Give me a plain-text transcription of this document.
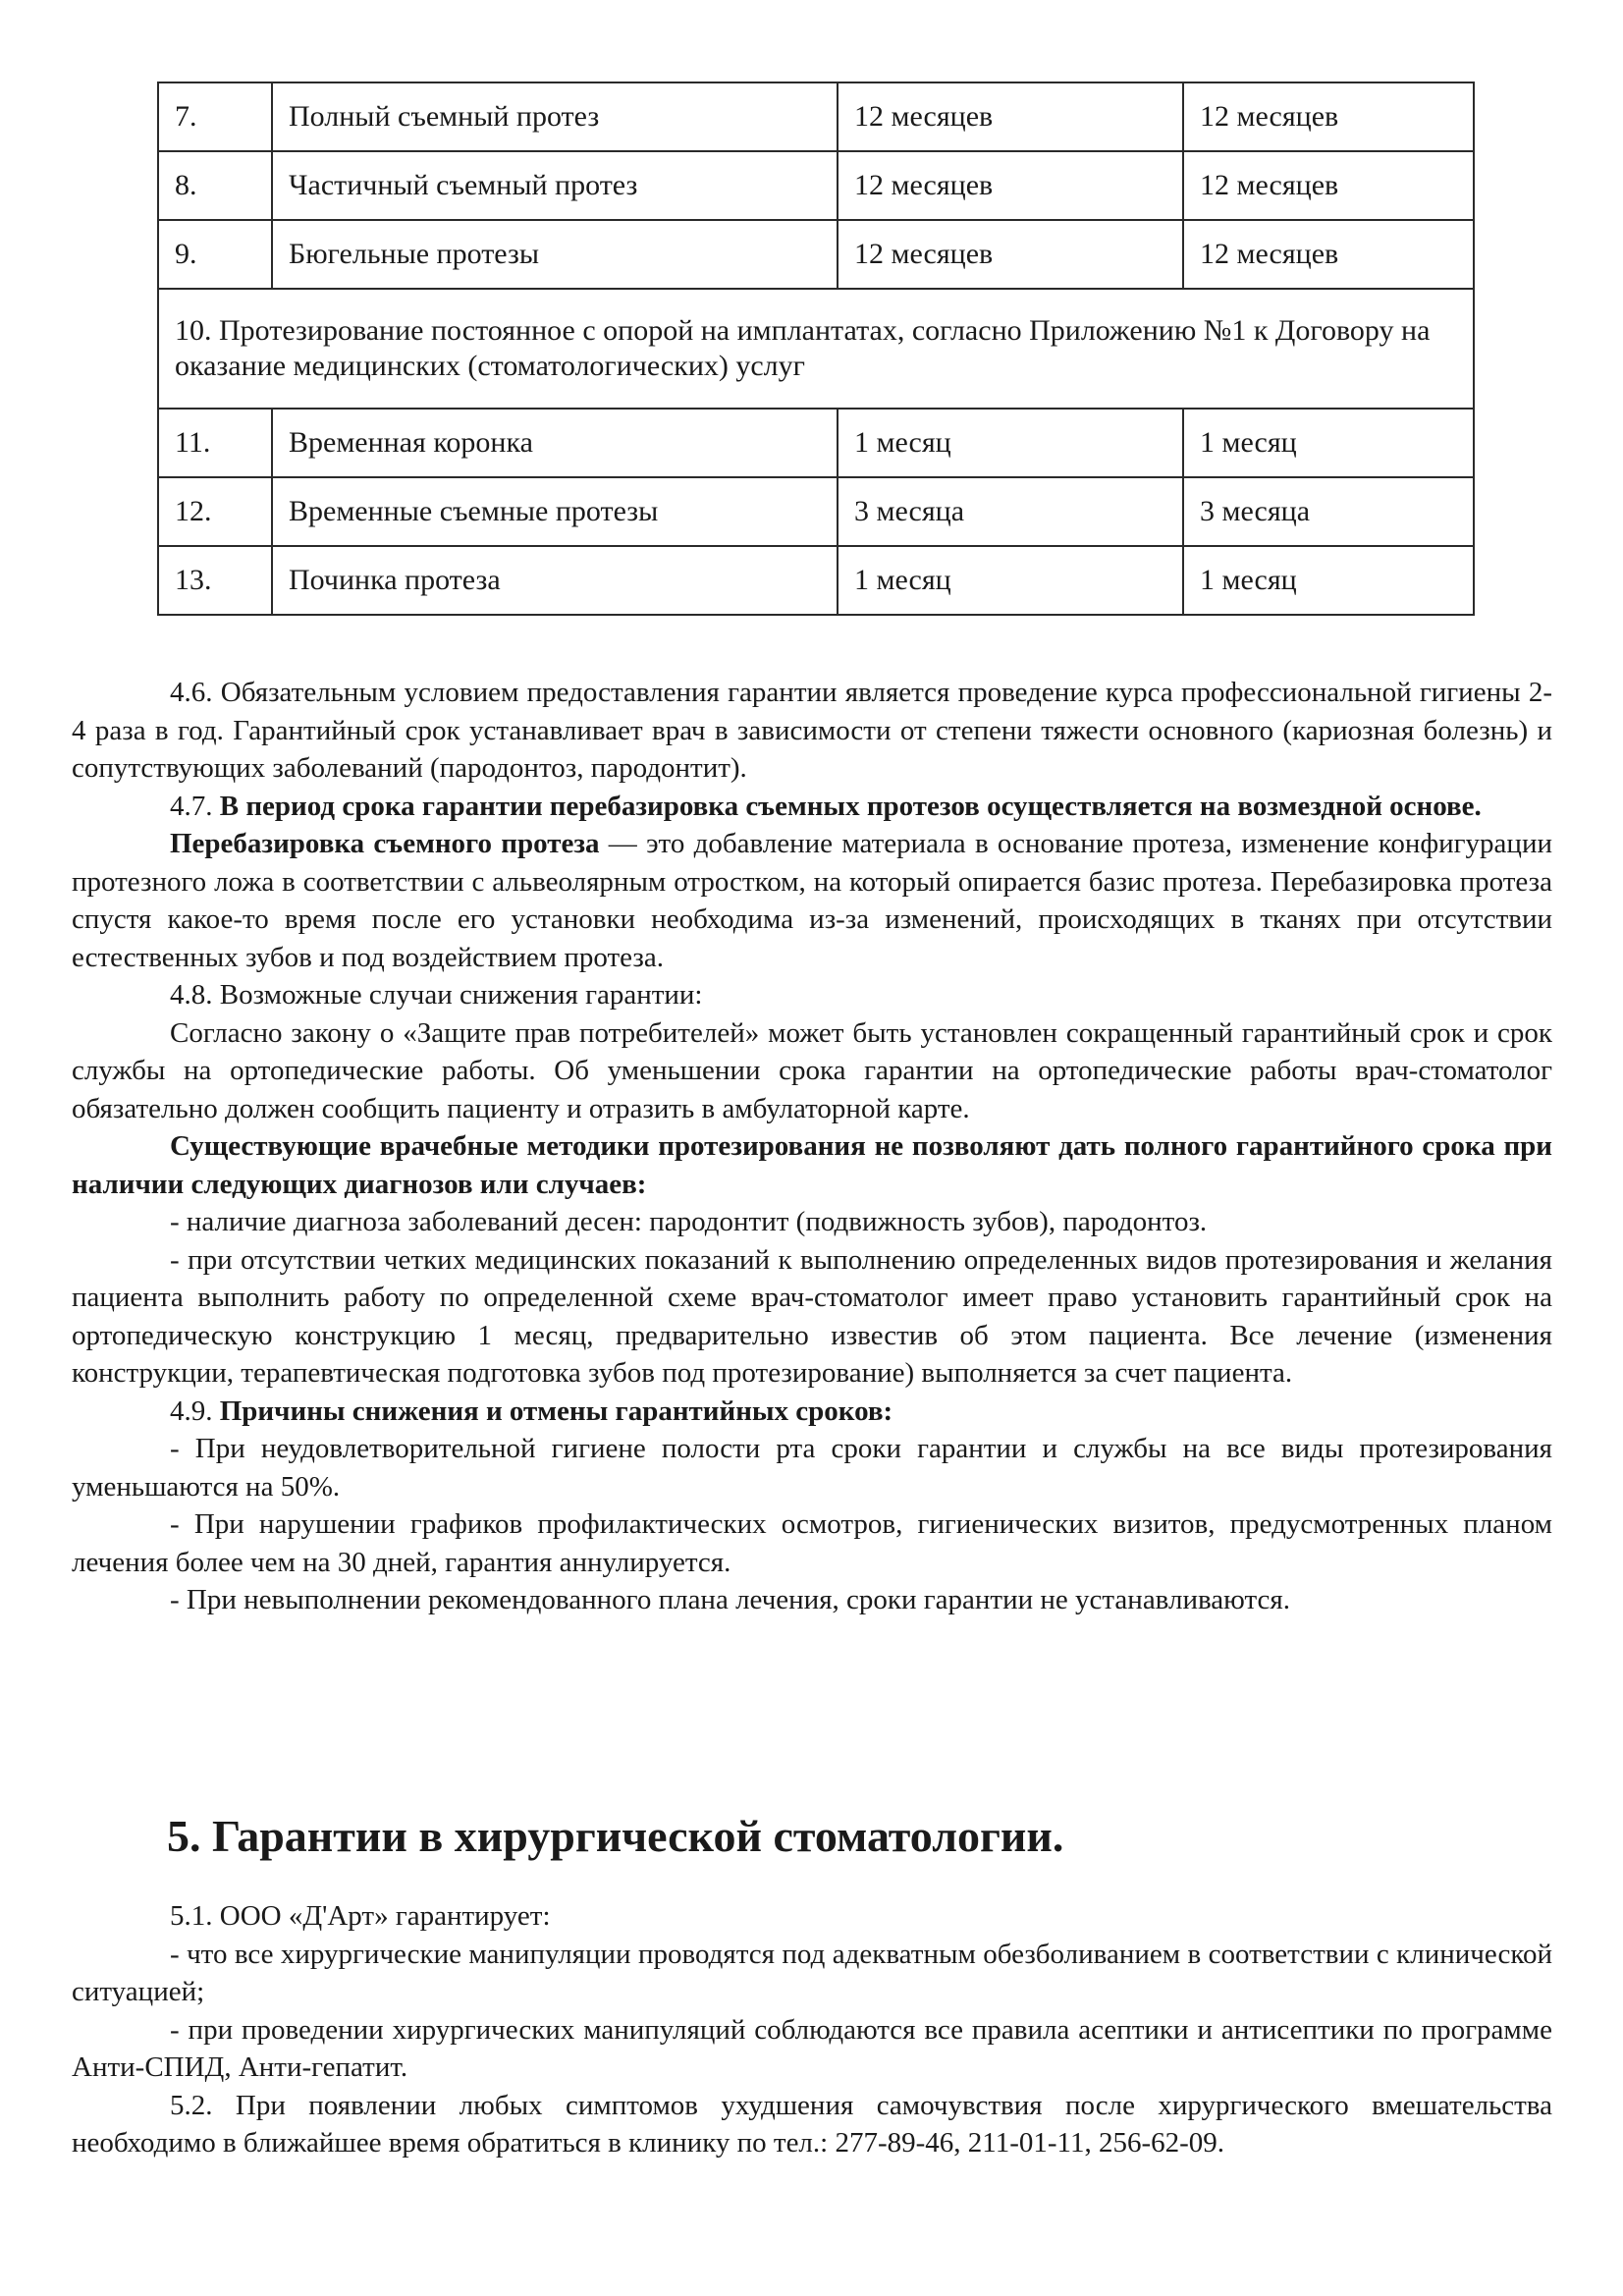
7.	Полный съемный протез	12 месяцев	12 месяцев
8.	Частичный съемный протез	12 месяцев	12 месяцев
9.	Бюгельные протезы	12 месяцев	12 месяцев
10. Протезирование постоянное с опорой на имплантатах, согласно Приложению №1 к Договору на оказание медицинских (стоматологических) услуг			
11.	Временная коронка	1 месяц	1 месяц
12.	Временные съемные протезы	3 месяца	3 месяца
13.	Починка протеза	1 месяц	1 месяц

4.6. Обязательным условием предоставления гарантии является проведение курса профессиональной гигиены 2-4 раза в год. Гарантийный срок устанавливает врач в зависимости от степени тяжести основного (кариозная болезнь) и сопутствующих заболеваний (пародонтоз, пародонтит).

4.7. В период срока гарантии перебазировка съемных протезов осуществляется на возмездной основе.

Перебазировка съемного протеза — это добавление материала в основание протеза, изменение конфигурации протезного ложа в соответствии с альвеолярным отростком, на который опирается базис протеза. Перебазировка протеза спустя какое-то время после его установки необходима из-за изменений, происходящих в тканях при отсутствии естественных зубов и под воздействием протеза.

4.8. Возможные случаи снижения гарантии:

Согласно закону о «Защите прав потребителей» может быть установлен сокращенный гарантийный срок и срок службы на ортопедические работы. Об уменьшении срока гарантии на ортопедические работы врач-стоматолог обязательно должен сообщить пациенту и отразить в амбулаторной карте.

Существующие врачебные методики протезирования не позволяют дать полного гарантийного срока при наличии следующих диагнозов или случаев:

- наличие диагноза заболеваний десен: пародонтит (подвижность зубов), пародонтоз.

- при отсутствии четких медицинских показаний к выполнению определенных видов протезирования и желания пациента выполнить работу по определенной схеме врач-стоматолог имеет право установить гарантийный срок на ортопедическую конструкцию 1 месяц, предварительно известив об этом пациента. Все лечение (изменения конструкции, терапевтическая подготовка зубов под протезирование) выполняется за счет пациента.

4.9. Причины снижения и отмены гарантийных сроков:

- При неудовлетворительной гигиене полости рта сроки гарантии и службы на все виды протезирования уменьшаются на 50%.

- При нарушении графиков профилактических осмотров, гигиенических визитов, предусмотренных планом лечения более чем на 30 дней, гарантия аннулируется.

- При невыполнении рекомендованного плана лечения, сроки гарантии не устанавливаются.

5. Гарантии в хирургической стоматологии.

5.1. ООО «Д'Арт» гарантирует:

- что все хирургические манипуляции проводятся под адекватным обезболиванием в соответствии с клинической ситуацией;

- при проведении хирургических манипуляций соблюдаются все правила асептики и антисептики по программе Анти-СПИД, Анти-гепатит.

5.2. При появлении любых симптомов ухудшения самочувствия после хирургического вмешательства необходимо в ближайшее время обратиться в клинику по тел.: 277-89-46, 211-01-11, 256-62-09.
